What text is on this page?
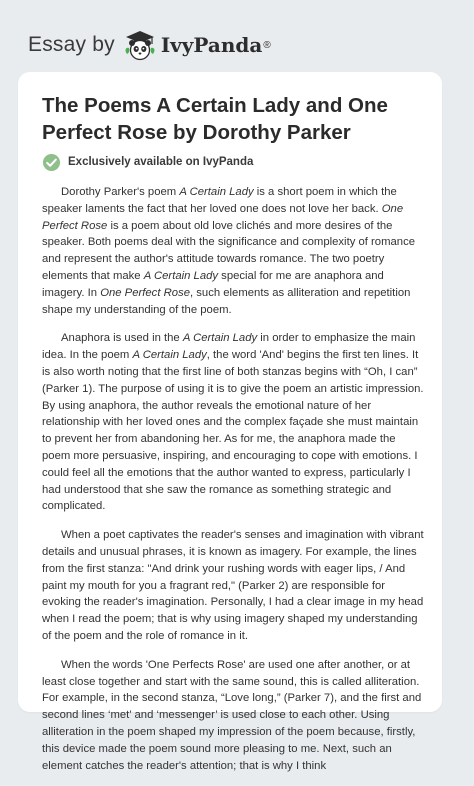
Essay by IvyPanda ®
The Poems A Certain Lady and One Perfect Rose by Dorothy Parker
Exclusively available on IvyPanda

Dorothy Parker's poem A Certain Lady is a short poem in which the speaker laments the fact that her loved one does not love her back. One Perfect Rose is a poem about old love clichés and more desires of the speaker. Both poems deal with the significance and complexity of romance and represent the author's attitude towards romance. The two poetry elements that make A Certain Lady special for me are anaphora and imagery. In One Perfect Rose, such elements as alliteration and repetition shape my understanding of the poem.

Anaphora is used in the A Certain Lady in order to emphasize the main idea. In the poem A Certain Lady, the word 'And' begins the first ten lines. It is also worth noting that the first line of both stanzas begins with “Oh, I can” (Parker 1). The purpose of using it is to give the poem an artistic impression. By using anaphora, the author reveals the emotional nature of her relationship with her loved ones and the complex façade she must maintain to prevent her from abandoning her. As for me, the anaphora made the poem more persuasive, inspiring, and encouraging to cope with emotions. I could feel all the emotions that the author wanted to express, particularly I had understood that she saw the romance as something strategic and complicated.

When a poet captivates the reader's senses and imagination with vibrant details and unusual phrases, it is known as imagery. For example, the lines from the first stanza: "And drink your rushing words with eager lips, / And paint my mouth for you a fragrant red," (Parker 2) are responsible for evoking the reader's imagination. Personally, I had a clear image in my head when I read the poem; that is why using imagery shaped my understanding of the poem and the role of romance in it.

When the words 'One Perfects Rose' are used one after another, or at least close together and start with the same sound, this is called alliteration. For example, in the second stanza, “Love long,” (Parker 7), and the first and second lines ‘met’ and ‘messenger’ is used close to each other. Using alliteration in the poem shaped my impression of the poem because, firstly, this device made the poem sound more pleasing to me. Next, such an element catches the reader's attention; that is why I think
